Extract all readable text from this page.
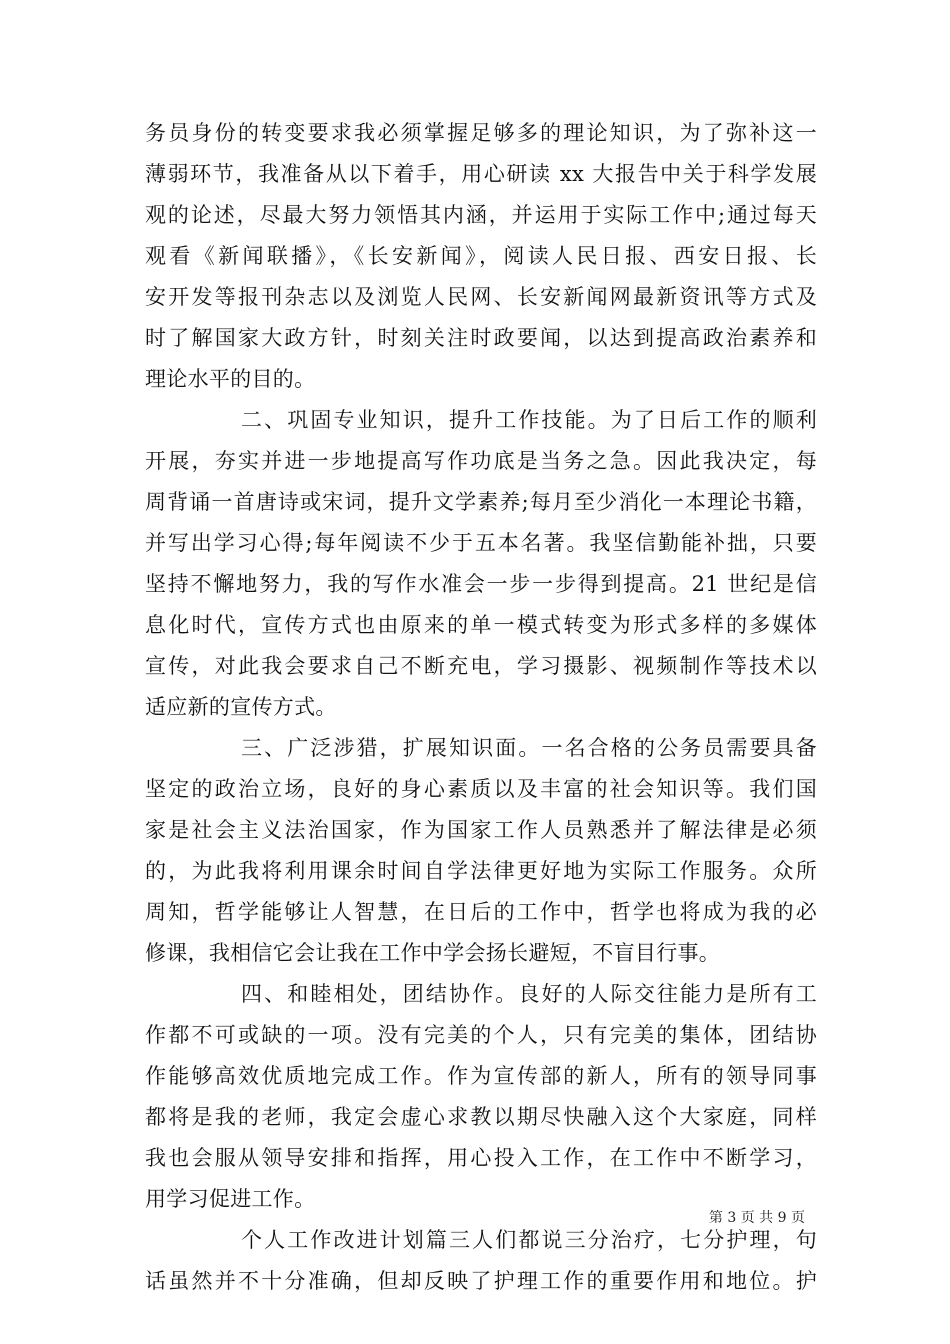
务员身份的转变要求我必须掌握足够多的理论知识，为了弥补这一
薄弱环节，我准备从以下着手，用心研读 xx 大报告中关于科学发展
观的论述，尽最大努力领悟其内涵，并运用于实际工作中;通过每天
观看《新闻联播》，《长安新闻》，阅读人民日报、西安日报、长
安开发等报刊杂志以及浏览人民网、长安新闻网最新资讯等方式及
时了解国家大政方针，时刻关注时政要闻，以达到提高政治素养和
理论水平的目的。
二、巩固专业知识，提升工作技能。为了日后工作的顺利
开展，夯实并进一步地提高写作功底是当务之急。因此我决定，每
周背诵一首唐诗或宋词，提升文学素养;每月至少消化一本理论书籍，
并写出学习心得;每年阅读不少于五本名著。我坚信勤能补拙，只要
坚持不懈地努力，我的写作水准会一步一步得到提高。21 世纪是信
息化时代，宣传方式也由原来的单一模式转变为形式多样的多媒体
宣传，对此我会要求自己不断充电，学习摄影、视频制作等技术以
适应新的宣传方式。
三、广泛涉猎，扩展知识面。一名合格的公务员需要具备
坚定的政治立场，良好的身心素质以及丰富的社会知识等。我们国
家是社会主义法治国家，作为国家工作人员熟悉并了解法律是必须
的，为此我将利用课余时间自学法律更好地为实际工作服务。众所
周知，哲学能够让人智慧，在日后的工作中，哲学也将成为我的必
修课，我相信它会让我在工作中学会扬长避短，不盲目行事。
四、和睦相处，团结协作。良好的人际交往能力是所有工
作都不可或缺的一项。没有完美的个人，只有完美的集体，团结协
作能够高效优质地完成工作。作为宣传部的新人，所有的领导同事
都将是我的老师，我定会虚心求教以期尽快融入这个大家庭，同样
我也会服从领导安排和指挥，用心投入工作，在工作中不断学习，
用学习促进工作。
个人工作改进计划篇三人们都说三分治疗，七分护理，句
话虽然并不十分准确，但却反映了护理工作的重要作用和地位。护
第 3 页 共 9 页
